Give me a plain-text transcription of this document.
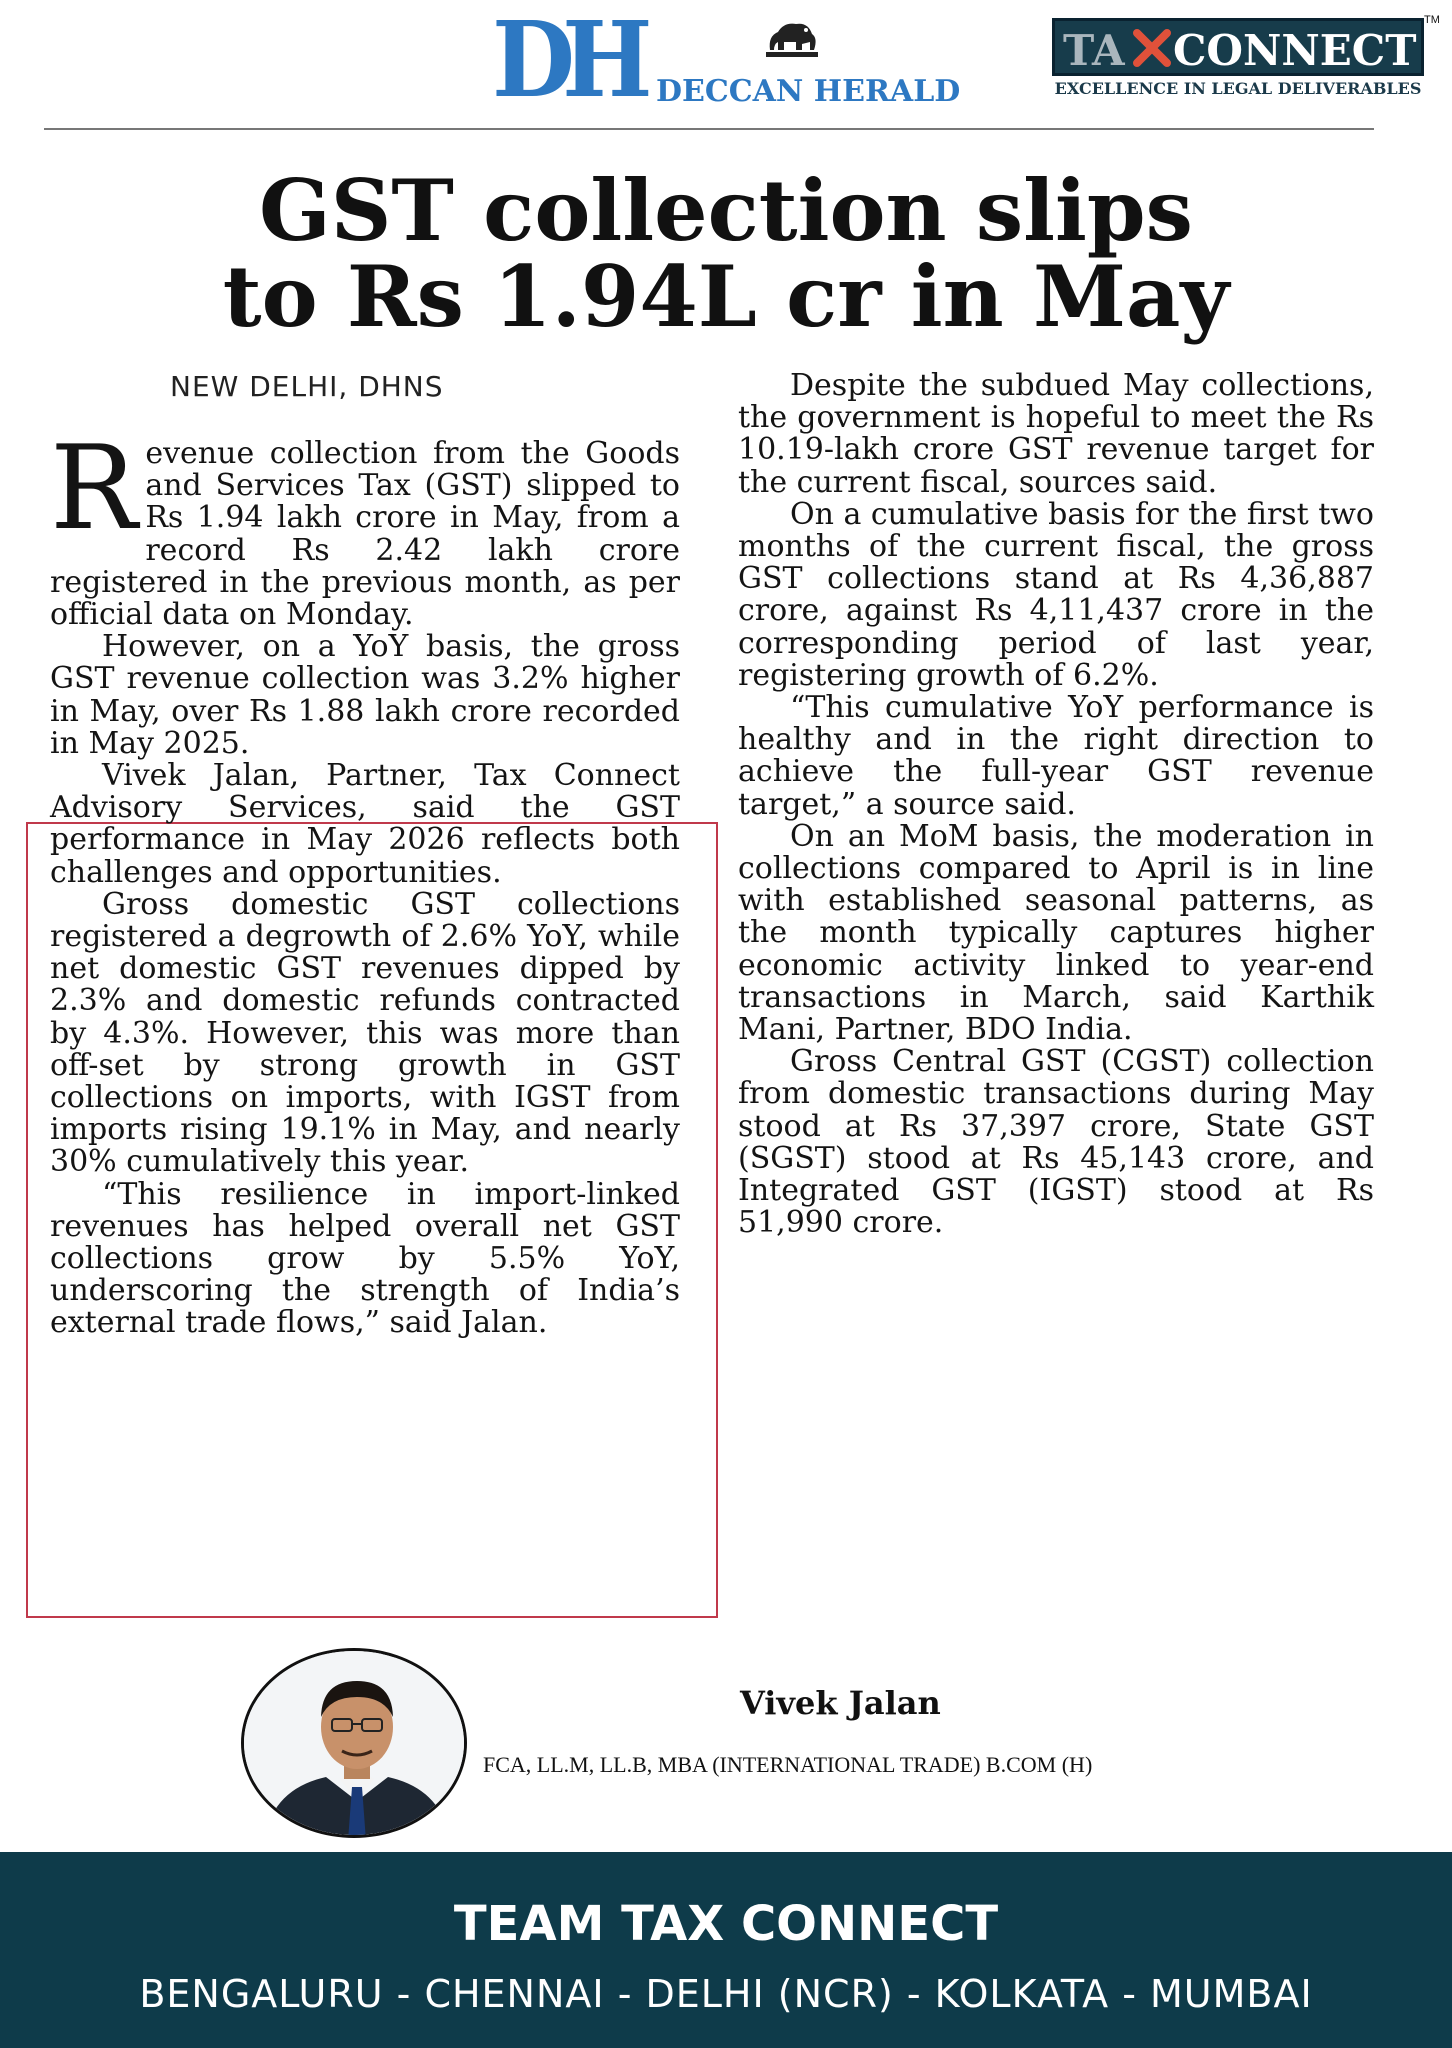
DH DECCAN HERALD
TA CONNECT
TM
EXCELLENCE IN LEGAL DELIVERABLES
GST collection slips
to Rs 1.94L cr in May
NEW DELHI, DHNS

Revenue collection from the Goods and Services Tax (GST) slipped to Rs 1.94 lakh crore in May, from a record Rs 2.42 lakh crore registered in the previous month, as per official data on Monday.

However, on a YoY basis, the gross GST revenue collection was 3.2% higher in May, over Rs 1.88 lakh crore recorded in May 2025.

Vivek Jalan, Partner, Tax Connect Advisory Services, said the GST performance in May 2026 reflects both challenges and opportunities.

Gross domestic GST collections registered a degrowth of 2.6% YoY, while net domestic GST revenues dipped by 2.3% and domestic refunds contracted by 4.3%. However, this was more than off-set by strong growth in GST collections on imports, with IGST from imports rising 19.1% in May, and nearly 30% cumulatively this year.

“This resilience in import-linked revenues has helped overall net GST collections grow by 5.5% YoY, underscoring the strength of India’s external trade flows,” said Jalan.

Despite the subdued May collections, the government is hopeful to meet the Rs 10.19-lakh crore GST revenue target for the current fiscal, sources said.

On a cumulative basis for the first two months of the current fiscal, the gross GST collections stand at Rs 4,36,887 crore, against Rs 4,11,437 crore in the corresponding period of last year, registering growth of 6.2%.

“This cumulative YoY performance is healthy and in the right direction to achieve the full-year GST revenue target,” a source said.

On an MoM basis, the moderation in collections compared to April is in line with established seasonal patterns, as the month typically captures higher economic activity linked to year-end transactions in March, said Karthik Mani, Partner, BDO India.

Gross Central GST (CGST) collection from domestic transactions during May stood at Rs 37,397 crore, State GST (SGST) stood at Rs 45,143 crore, and Integrated GST (IGST) stood at Rs 51,990 crore.

Vivek Jalan
FCA, LL.M, LL.B, MBA (INTERNATIONAL TRADE) B.COM (H)
TEAM TAX CONNECT
BENGALURU - CHENNAI - DELHI (NCR) - KOLKATA - MUMBAI
